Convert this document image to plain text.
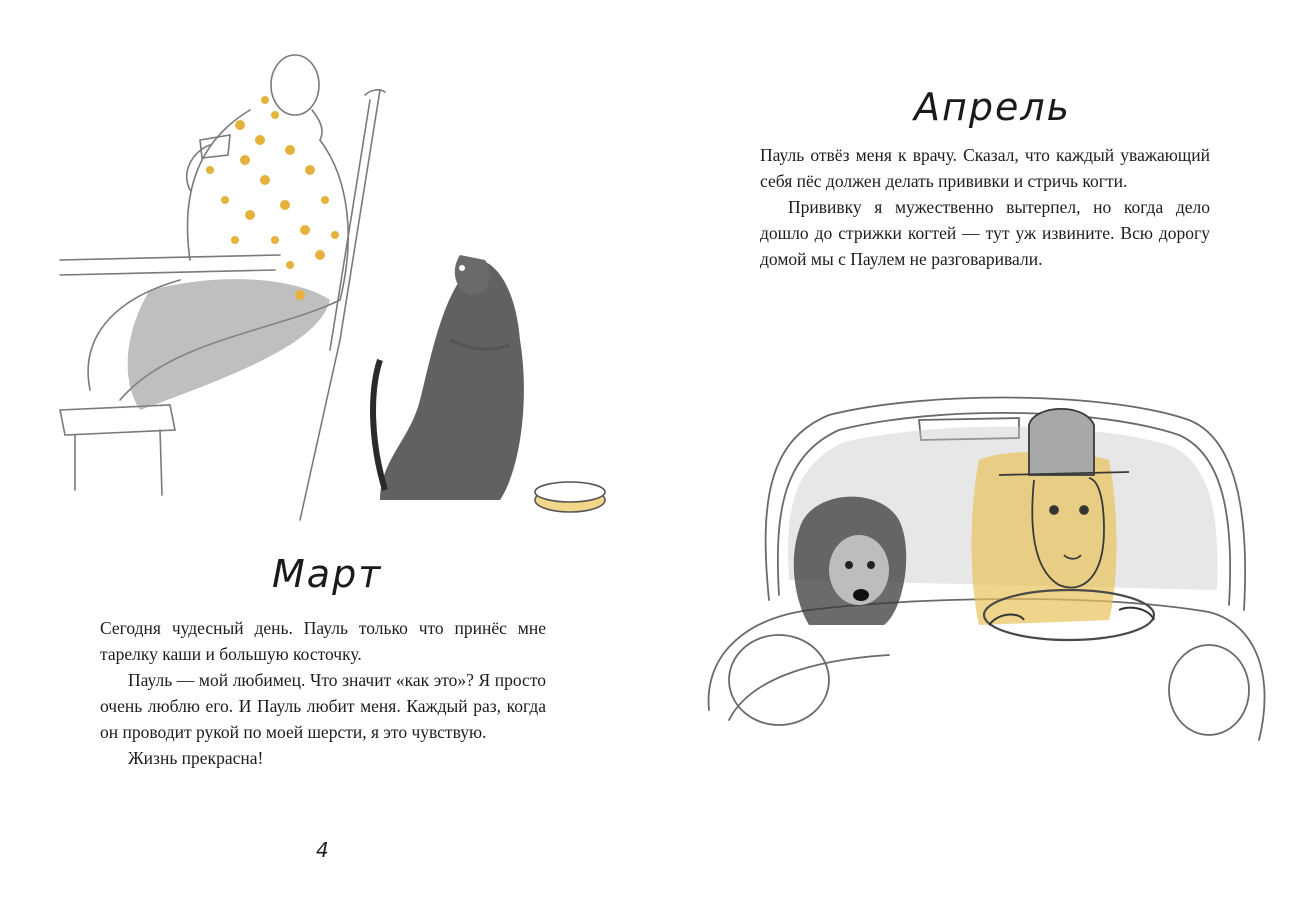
Март

Сегодня чудесный день. Пауль только что принёс мне тарелку каши и большую косточку.

Пауль — мой любимец. Что значит «как это»? Я просто очень люблю его. И Пауль любит меня. Каждый раз, когда он проводит рукой по моей шерсти, я это чувствую.

Жизнь прекрасна!

4
Апрель

Пауль отвёз меня к врачу. Сказал, что каждый уважающий себя пёс должен делать прививки и стричь когти.

Прививку я мужественно вытерпел, но когда дело дошло до стрижки когтей — тут уж извините. Всю дорогу домой мы с Паулем не разговаривали.
